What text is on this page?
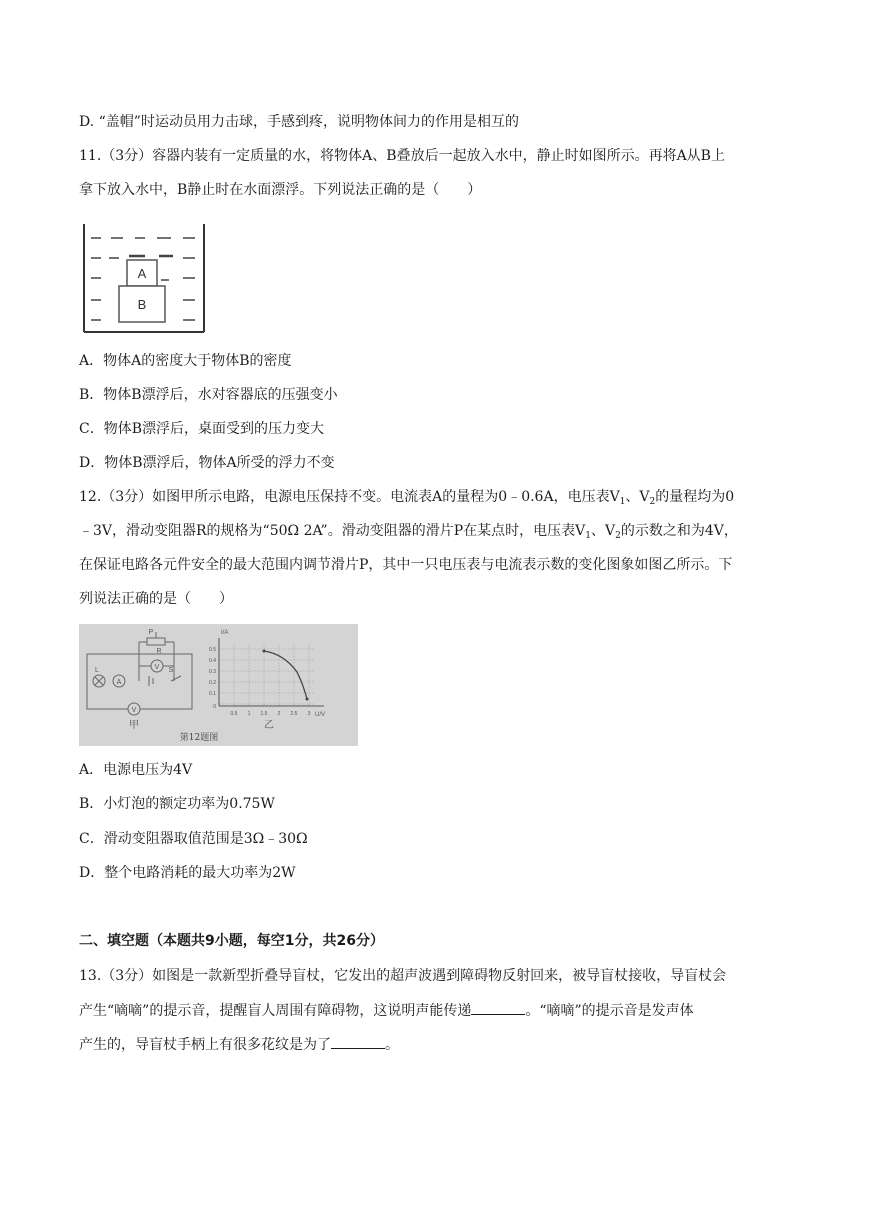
D. “盖帽”时运动员用力击球，手感到疼，说明物体间力的作用是相互的
11.（3分）容器内装有一定质量的水，将物体A、B叠放后一起放入水中，静止时如图所示。再将A从B上
拿下放入水中，B静止时在水面漂浮。下列说法正确的是（　　）
A
B
A．物体A的密度大于物体B的密度
B．物体B漂浮后，水对容器底的压强变小
C．物体B漂浮后，桌面受到的压力变大
D．物体B漂浮后，物体A所受的浮力不变
12.（3分）如图甲所示电路，电源电压保持不变。电流表A的量程为0﹣0.6A，电压表$V_1$、$V_2$的量程均为0
﹣3V，滑动变阻器R的规格为“50Ω 2A”。滑动变阻器的滑片P在某点时，电压表$V_1$、$V_2$的示数之和为4V，
在保证电路各元件安全的最大范围内调节滑片P，其中一只电压表与电流表示数的变化图象如图乙所示。下
列说法正确的是（　　）
P
R
L	S
V
A
V
甲
第12题图
I/A
U/V
0.5
0.4
0.3
0.2
0.1
0
0.5 1 1.5 2 2.5 3
乙
A．电源电压为4V
B．小灯泡的额定功率为0.75W
C．滑动变阻器取值范围是3Ω﹣30Ω
D．整个电路消耗的最大功率为2W
二、填空题（本题共9小题，每空1分，共26分）
13.（3分）如图是一款新型折叠导盲杖，它发出的超声波遇到障碍物反射回来，被导盲杖接收，导盲杖会
产生“嘀嘀”的提示音，提醒盲人周围有障碍物，这说明声能传递	。“嘀嘀”的提示音是发声体
产生的，导盲杖手柄上有很多花纹是为了	。
